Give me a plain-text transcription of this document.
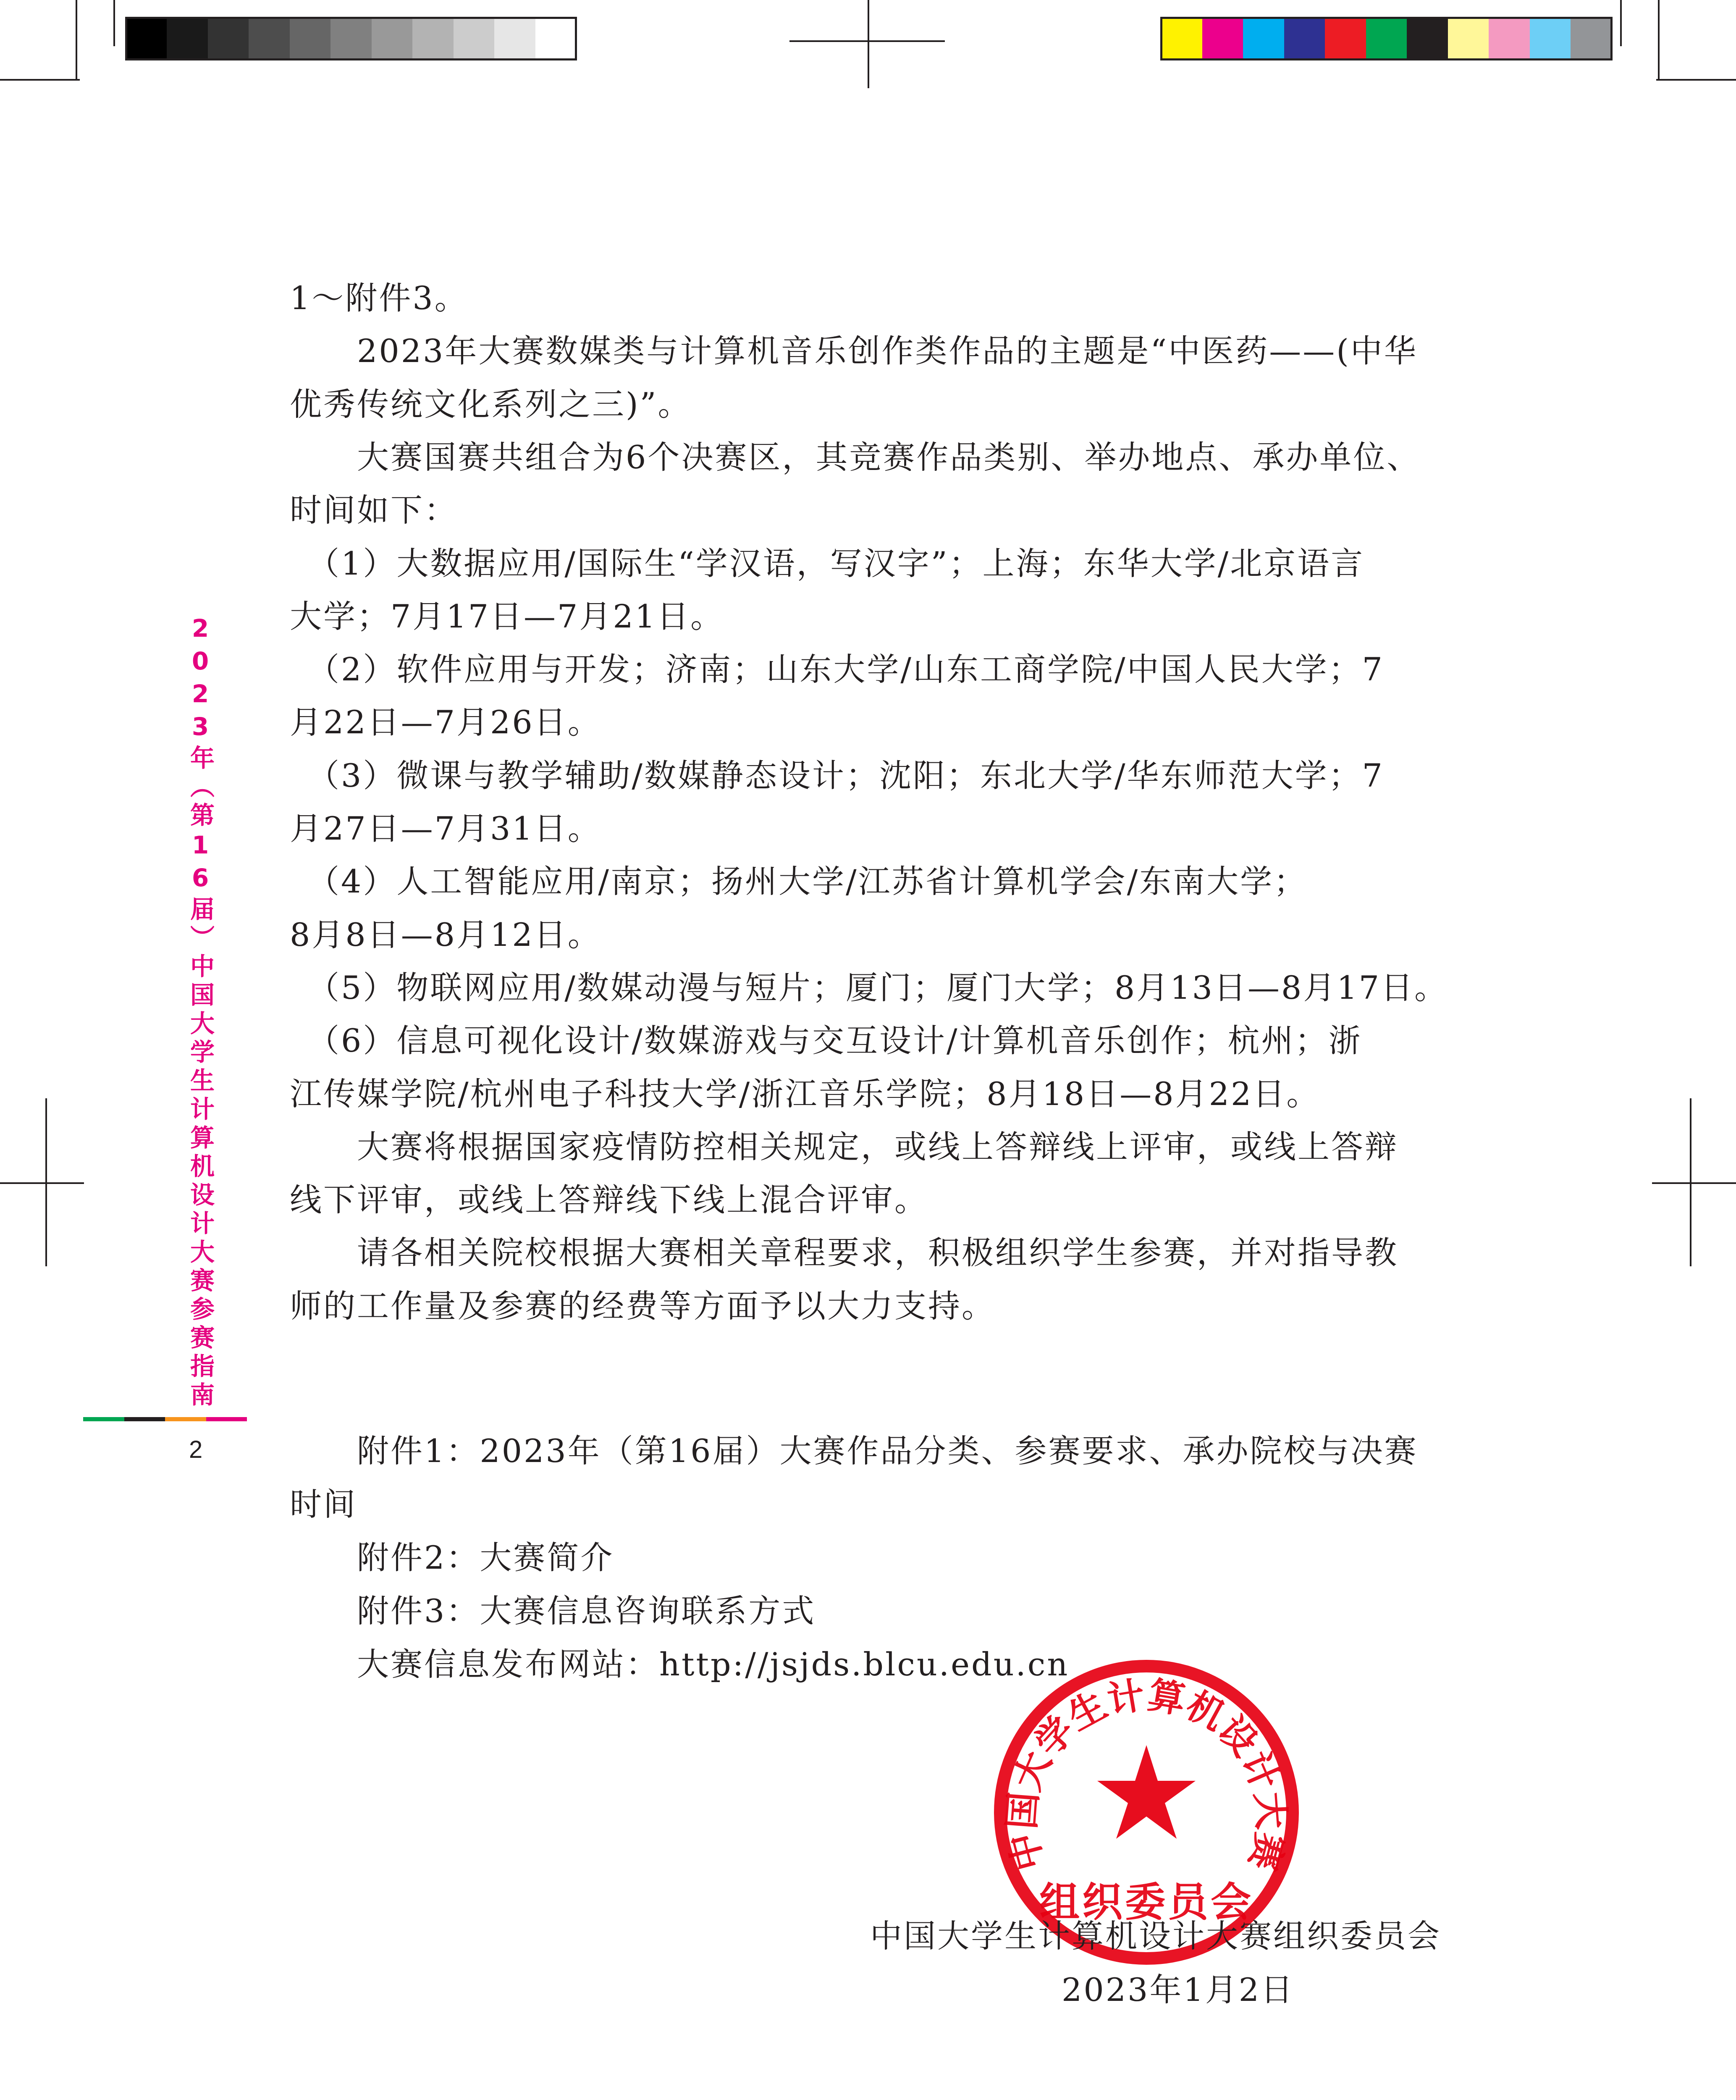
2023年（第16届）中国大学生计算机设计大赛参赛指南
2
1～附件3。
　　2023年大赛数媒类与计算机音乐创作类作品的主题是“中医药——(中华
优秀传统文化系列之三)”。
　　大赛国赛共组合为6个决赛区，其竞赛作品类别、举办地点、承办单位、
时间如下：
　（1）大数据应用/国际生“学汉语，写汉字”；上海；东华大学/北京语言
大学；7月17日—7月21日。
　（2）软件应用与开发；济南；山东大学/山东工商学院/中国人民大学；7
月22日—7月26日。
　（3）微课与教学辅助/数媒静态设计；沈阳；东北大学/华东师范大学；7
月27日—7月31日。
　（4）人工智能应用/南京；扬州大学/江苏省计算机学会/东南大学；
8月8日—8月12日。
　（5）物联网应用/数媒动漫与短片；厦门；厦门大学；8月13日—8月17日。
　（6）信息可视化设计/数媒游戏与交互设计/计算机音乐创作；杭州；浙
江传媒学院/杭州电子科技大学/浙江音乐学院；8月18日—8月22日。
　　大赛将根据国家疫情防控相关规定，或线上答辩线上评审，或线上答辩
线下评审，或线上答辩线下线上混合评审。
　　请各相关院校根据大赛相关章程要求，积极组织学生参赛，并对指导教
师的工作量及参赛的经费等方面予以大力支持。
　　附件1：2023年（第16届）大赛作品分类、参赛要求、承办院校与决赛
时间
　　附件2：大赛简介
　　附件3：大赛信息咨询联系方式
　　大赛信息发布网站：http://jsjds.blcu.edu.cn
中国大学生计算机设计大赛
组织委员会
中国大学生计算机设计大赛组织委员会
2023年1月2日
